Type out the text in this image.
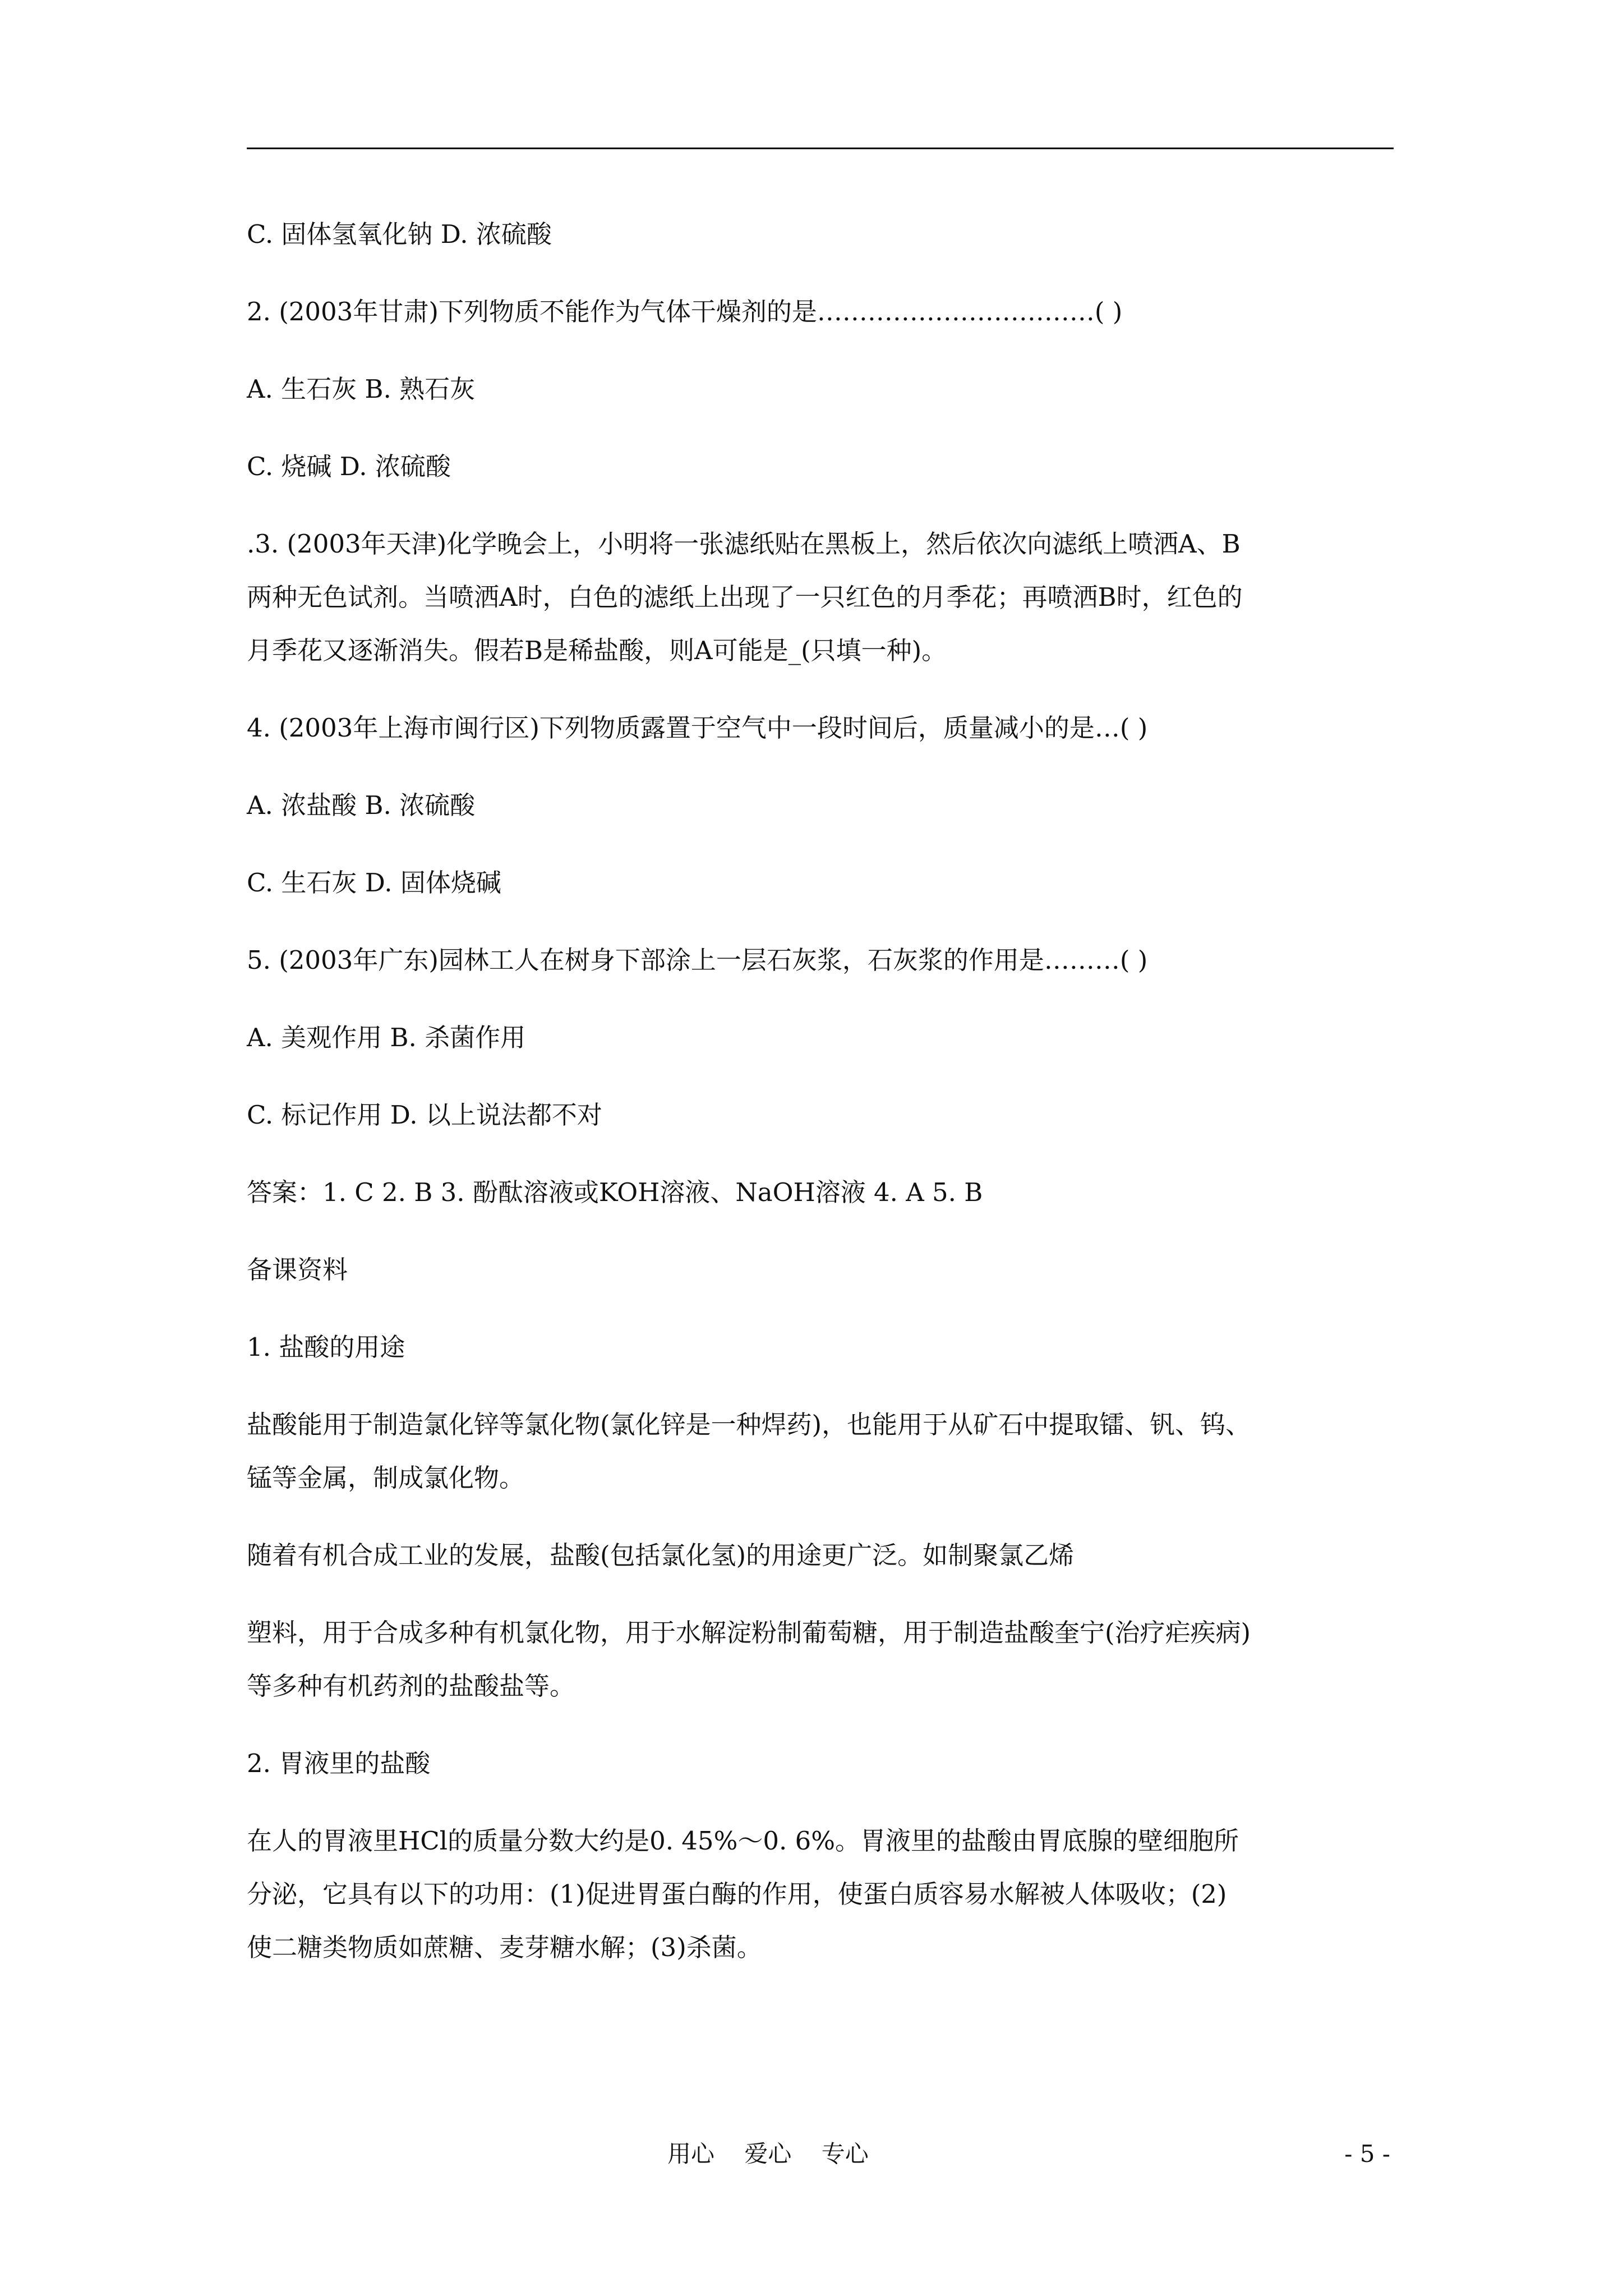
C. 固体氢氧化钠 D. 浓硫酸
2. (2003年甘肃)下列物质不能作为气体干燥剂的是……………………………( )
A. 生石灰 B. 熟石灰
C. 烧碱 D. 浓硫酸
.3. (2003年天津)化学晚会上，小明将一张滤纸贴在黑板上，然后依次向滤纸上喷洒A、B
两种无色试剂。当喷洒A时，白色的滤纸上出现了一只红色的月季花；再喷洒B时，红色的
月季花又逐渐消失。假若B是稀盐酸，则A可能是_(只填一种)。
4. (2003年上海市闽行区)下列物质露置于空气中一段时间后，质量减小的是…( )
A. 浓盐酸 B. 浓硫酸
C. 生石灰 D. 固体烧碱
5. (2003年广东)园林工人在树身下部涂上一层石灰浆，石灰浆的作用是………( )
A. 美观作用 B. 杀菌作用
C. 标记作用 D. 以上说法都不对
答案：1. C 2. B 3. 酚酞溶液或KOH溶液、NaOH溶液 4. A 5. B
备课资料
1. 盐酸的用途
盐酸能用于制造氯化锌等氯化物(氯化锌是一种焊药)，也能用于从矿石中提取镭、钒、钨、
锰等金属，制成氯化物。
随着有机合成工业的发展，盐酸(包括氯化氢)的用途更广泛。如制聚氯乙烯
塑料，用于合成多种有机氯化物，用于水解淀粉制葡萄糖，用于制造盐酸奎宁(治疗疟疾病)
等多种有机药剂的盐酸盐等。
2. 胃液里的盐酸
在人的胃液里HCl的质量分数大约是0. 45%～0. 6%。胃液里的盐酸由胃底腺的壁细胞所
分泌，它具有以下的功用：(1)促进胃蛋白酶的作用，使蛋白质容易水解被人体吸收；(2)
使二糖类物质如蔗糖、麦芽糖水解；(3)杀菌。
用心    爱心    专心	- 5 -
